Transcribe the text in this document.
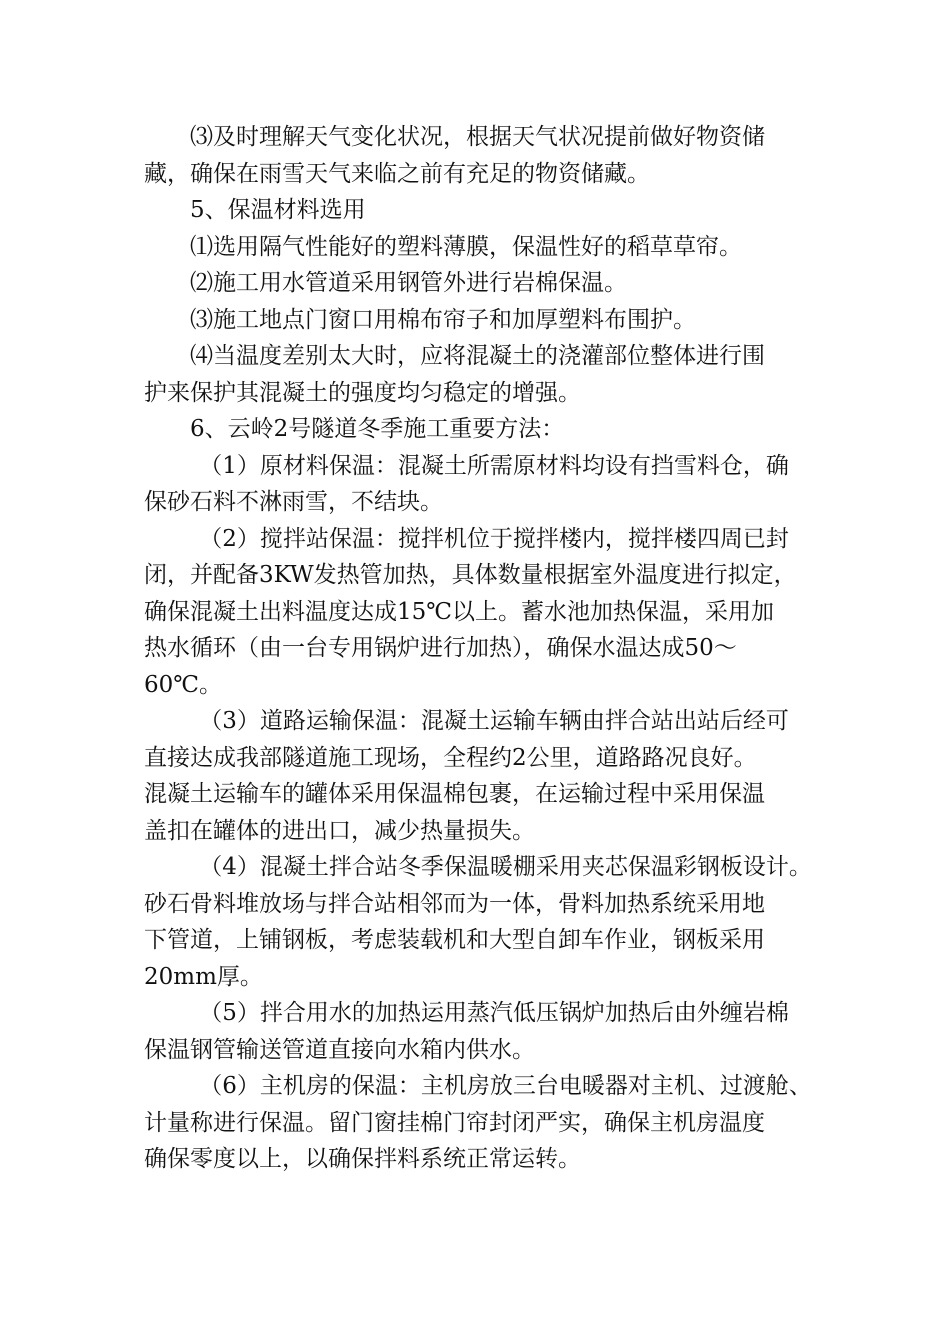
⑶及时理解天气变化状况，根据天气状况提前做好物资储
藏，确保在雨雪天气来临之前有充足的物资储藏。
5、保温材料选用
⑴选用隔气性能好的塑料薄膜，保温性好的稻草草帘。
⑵施工用水管道采用钢管外进行岩棉保温。
⑶施工地点门窗口用棉布帘子和加厚塑料布围护。
⑷当温度差别太大时，应将混凝土的浇灌部位整体进行围
护来保护其混凝土的强度均匀稳定的增强。
6、云岭2号隧道冬季施工重要方法：
（1）原材料保温：混凝土所需原材料均设有挡雪料仓，确
保砂石料不淋雨雪，不结块。
（2）搅拌站保温：搅拌机位于搅拌楼内，搅拌楼四周已封
闭，并配备3KW发热管加热，具体数量根据室外温度进行拟定，
确保混凝土出料温度达成15℃以上。蓄水池加热保温，采用加
热水循环（由一台专用锅炉进行加热），确保水温达成50～
60℃。
（3）道路运输保温：混凝土运输车辆由拌合站出站后经可
直接达成我部隧道施工现场，全程约2公里，道路路况良好。
混凝土运输车的罐体采用保温棉包裹，在运输过程中采用保温
盖扣在罐体的进出口，减少热量损失。
（4）混凝土拌合站冬季保温暖棚采用夹芯保温彩钢板设计。
砂石骨料堆放场与拌合站相邻而为一体，骨料加热系统采用地
下管道，上铺钢板，考虑装载机和大型自卸车作业，钢板采用
20mm厚。
（5）拌合用水的加热运用蒸汽低压锅炉加热后由外缠岩棉
保温钢管输送管道直接向水箱内供水。
（6）主机房的保温：主机房放三台电暖器对主机、过渡舱、
计量称进行保温。留门窗挂棉门帘封闭严实，确保主机房温度
确保零度以上，以确保拌料系统正常运转。
